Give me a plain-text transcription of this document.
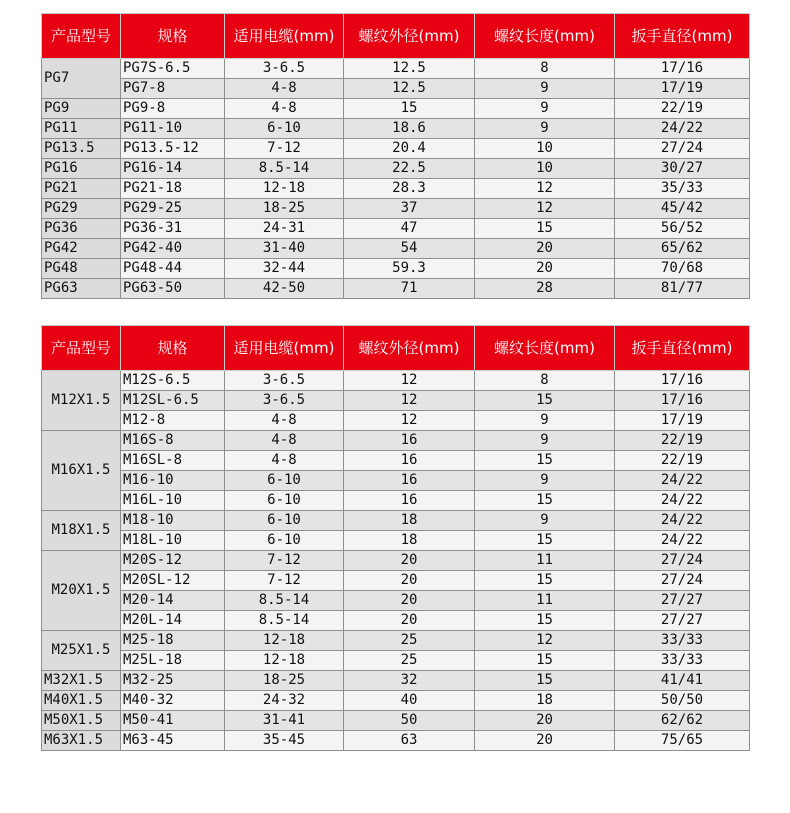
产品型号	规格	适用电缆(mm)	螺纹外径(mm)	螺纹长度(mm)	扳手直径(mm)
PG7	PG7S-6.5	3-6.5	12.5	8	17/16
	PG7-8	4-8	12.5	9	17/19
PG9	PG9-8	4-8	15	9	22/19
PG11	PG11-10	6-10	18.6	9	24/22
PG13.5	PG13.5-12	7-12	20.4	10	27/24
PG16	PG16-14	8.5-14	22.5	10	30/27
PG21	PG21-18	12-18	28.3	12	35/33
PG29	PG29-25	18-25	37	12	45/42
PG36	PG36-31	24-31	47	15	56/52
PG42	PG42-40	31-40	54	20	65/62
PG48	PG48-44	32-44	59.3	20	70/68
PG63	PG63-50	42-50	71	28	81/77
产品型号	规格	适用电缆(mm)	螺纹外径(mm)	螺纹长度(mm)	扳手直径(mm)
M12X1.5	M12S-6.5	3-6.5	12	8	17/16
	M12SL-6.5	3-6.5	12	15	17/16
	M12-8	4-8	12	9	17/19
M16X1.5	M16S-8	4-8	16	9	22/19
	M16SL-8	4-8	16	15	22/19
	M16-10	6-10	16	9	24/22
	M16L-10	6-10	16	15	24/22
M18X1.5	M18-10	6-10	18	9	24/22
	M18L-10	6-10	18	15	24/22
M20X1.5	M20S-12	7-12	20	11	27/24
	M20SL-12	7-12	20	15	27/24
	M20-14	8.5-14	20	11	27/27
	M20L-14	8.5-14	20	15	27/27
M25X1.5	M25-18	12-18	25	12	33/33
	M25L-18	12-18	25	15	33/33
M32X1.5	M32-25	18-25	32	15	41/41
M40X1.5	M40-32	24-32	40	18	50/50
M50X1.5	M50-41	31-41	50	20	62/62
M63X1.5	M63-45	35-45	63	20	75/65
